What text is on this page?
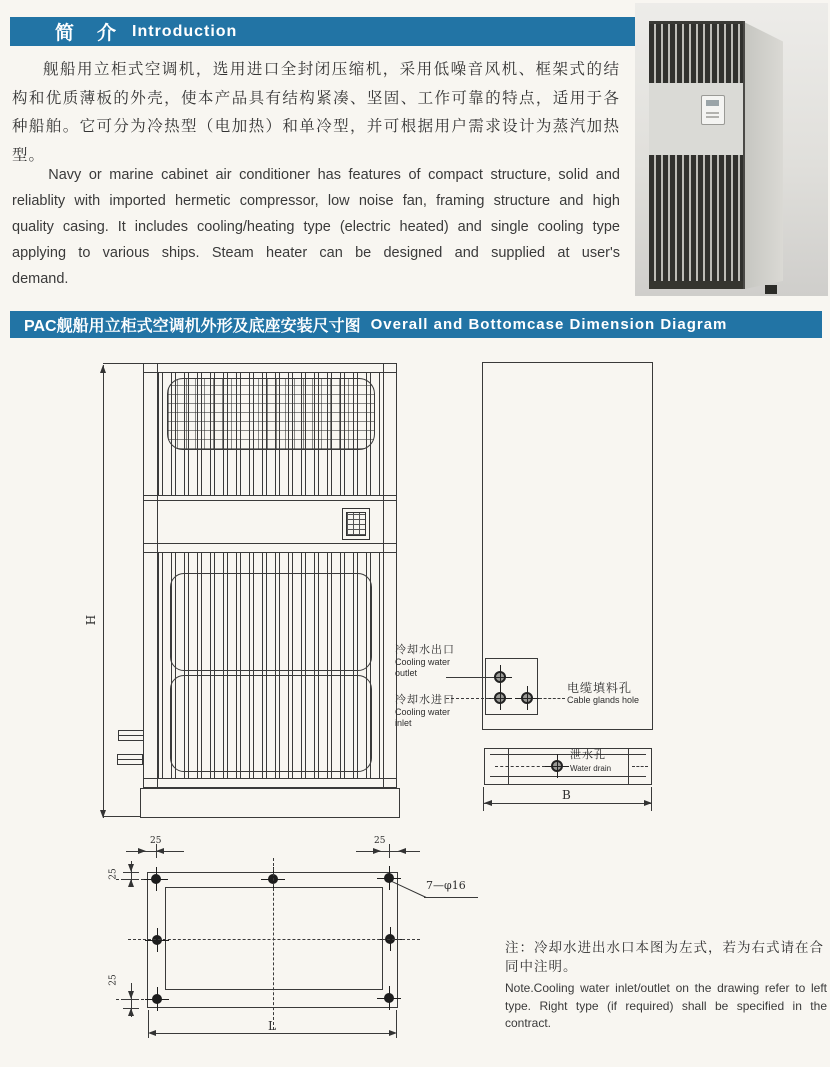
简　介 Introduction
舰船用立柜式空调机，选用进口全封闭压缩机，采用低噪音风机、框架式的结构和优质薄板的外壳，使本产品具有结构紧凑、坚固、工作可靠的特点，适用于各种船舶。它可分为冷热型（电加热）和单冷型，并可根据用户需求设计为蒸汽加热型。
Navy or marine cabinet air conditioner has features of compact structure, solid and reliablity with imported hermetic compressor, low noise fan, framing structure and high quality casing. It includes cooling/heating type (electric heated) and single cooling type applying to various ships. Steam heater can be designed and supplied at user's demand.
PAC舰船用立柜式空调机外形及底座安装尺寸图 Overall and Bottomcase Dimension Diagram
H
冷却水出口
Cooling water outlet
冷却水进口
Cooling water inlet
电缆填料孔
Cable glands hole
泄水孔
Water drain
B
25	25
25
25
L
7—φ16
注：冷却水进出水口本图为左式，若为右式请在合同中注明。
Note.Cooling water inlet/outlet on the drawing refer to left type. Right type (if required) shall be specified in the contract.
